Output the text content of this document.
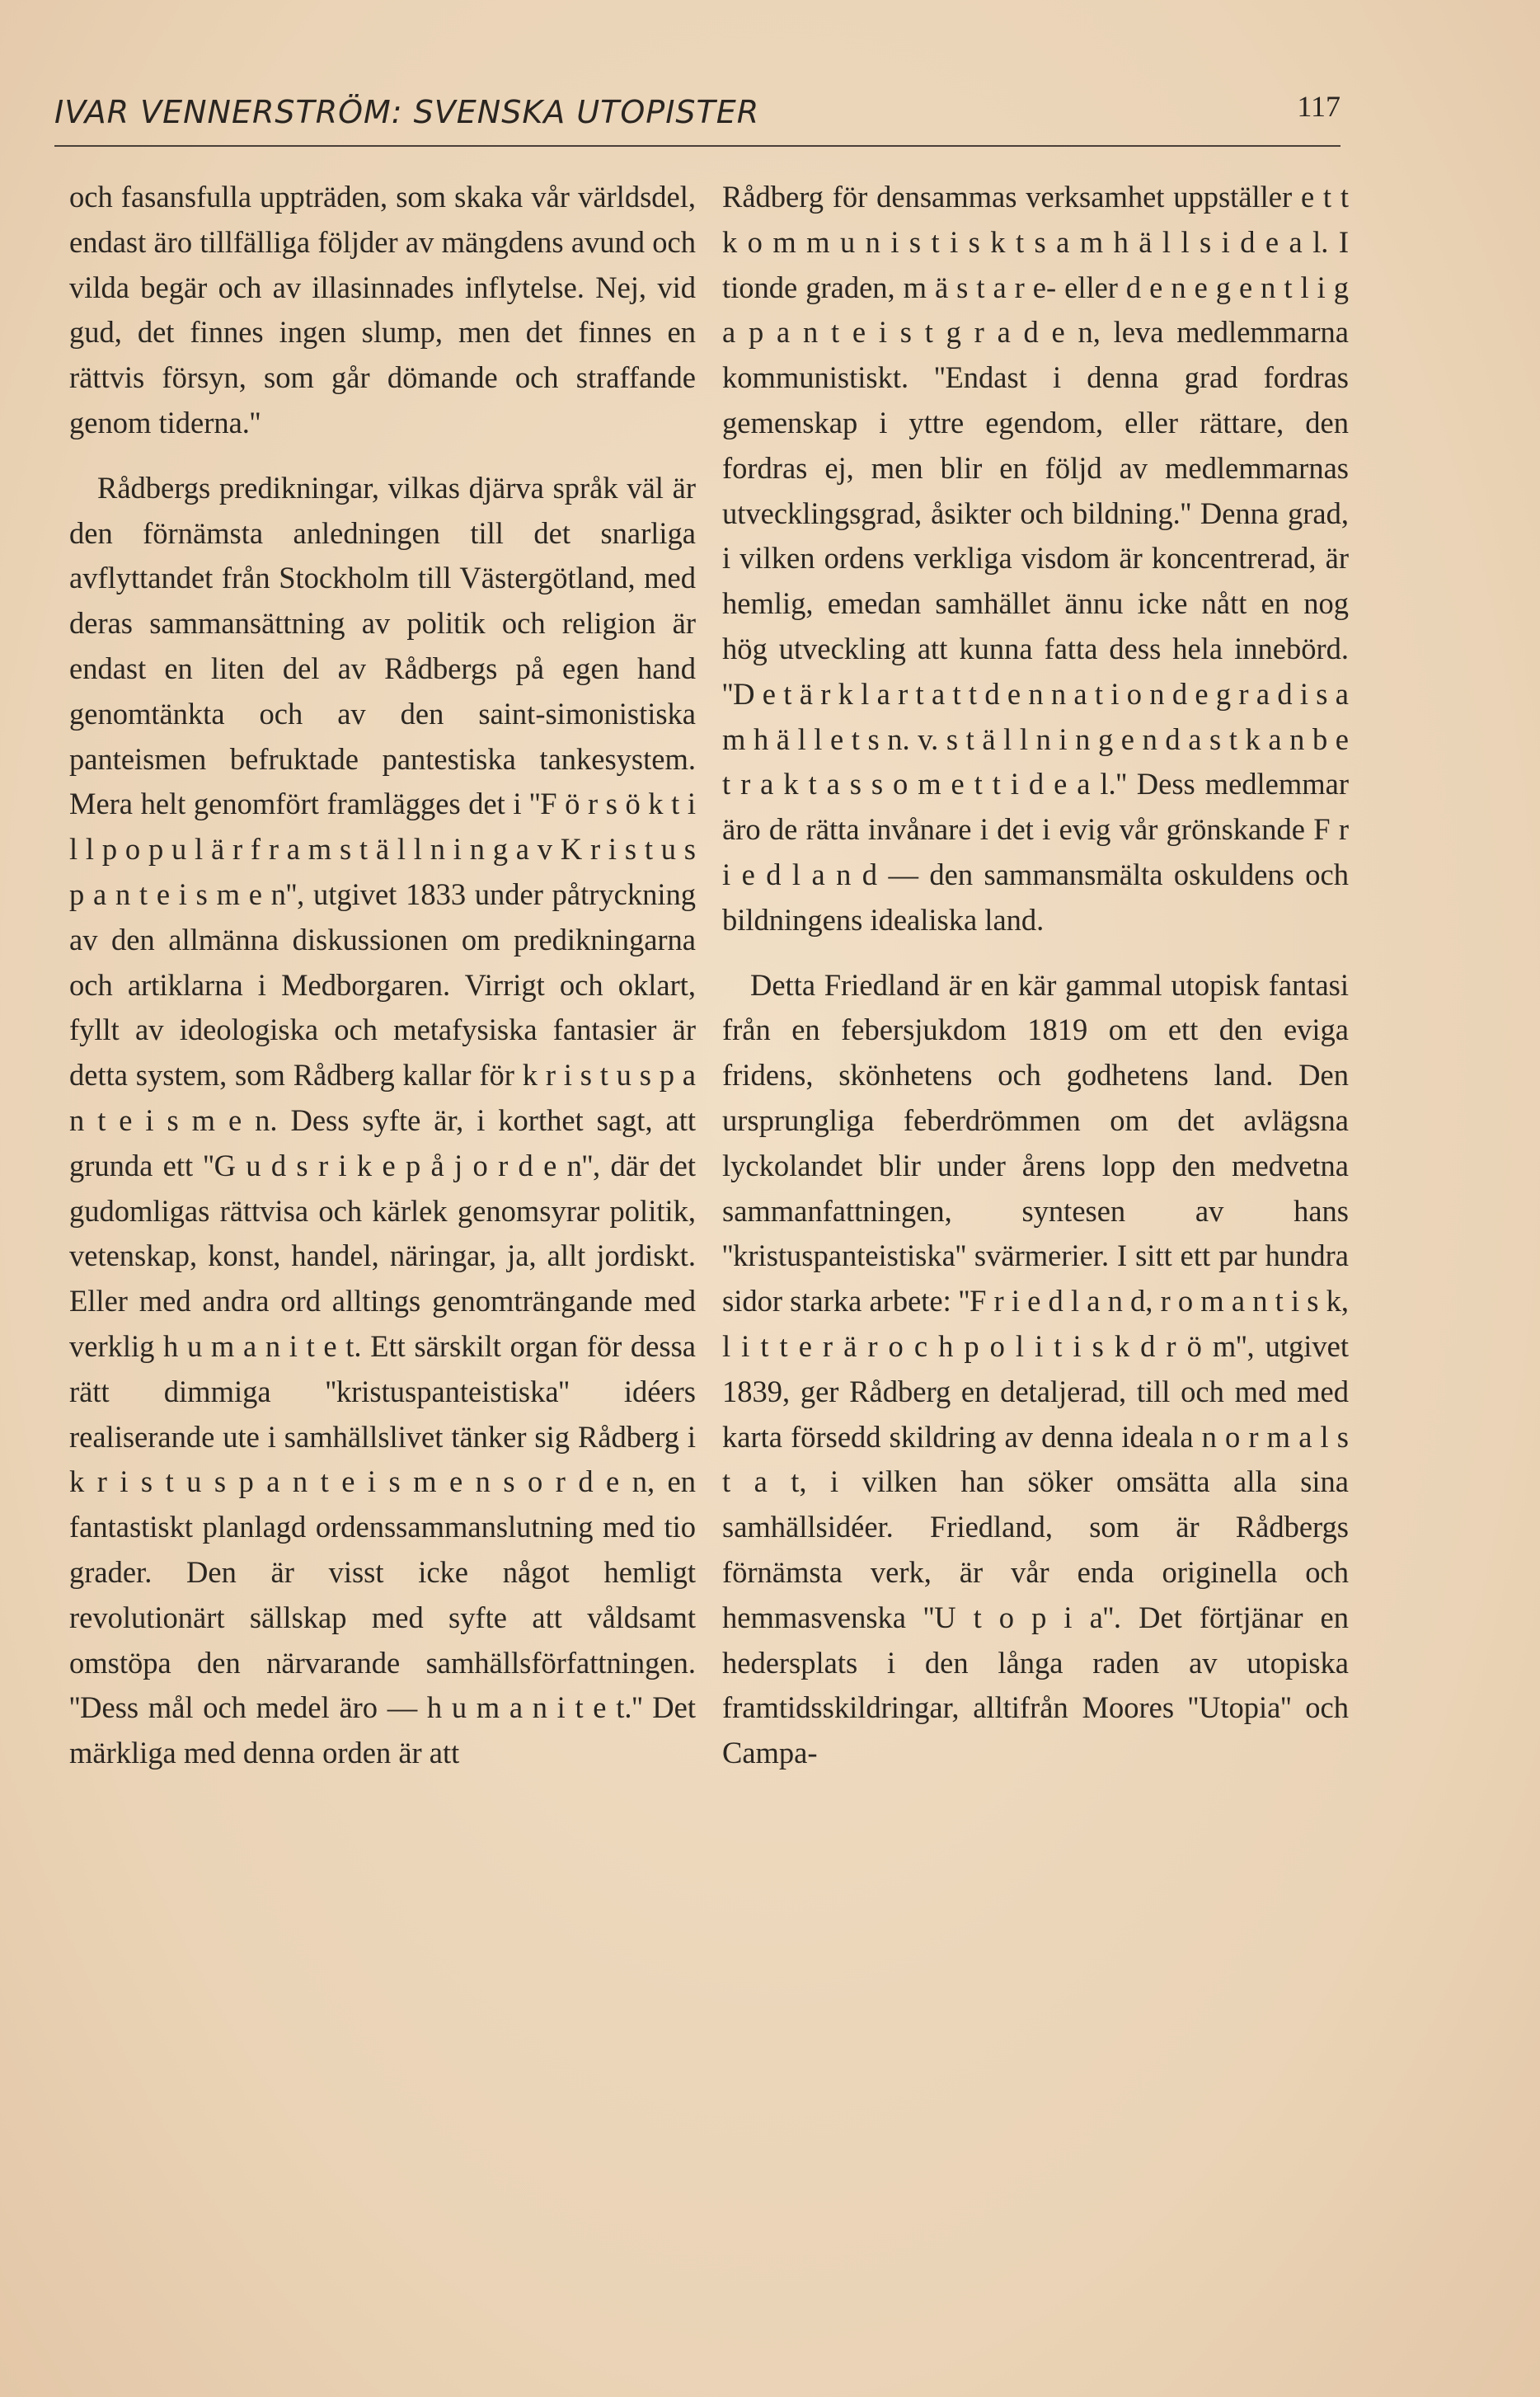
IVAR VENNERSTRÖM: SVENSKA UTOPISTER	117

och fasansfulla uppträden, som skaka vår världsdel, endast äro tillfälliga följder av mängdens avund och vilda begär och av illasinnades inflytelse. Nej, vid gud, det finnes ingen slump, men det finnes en rättvis försyn, som går dömande och straffande genom tiderna.''

Rådbergs predikningar, vilkas djärva språk väl är den förnämsta anledningen till det snarliga avflyttandet från Stockholm till Västergötland, med deras sammansättning av politik och religion är endast en liten del av Rådbergs på egen hand genomtänkta och av den saint-simonistiska panteismen befruktade pantestiska tankesystem. Mera helt genomfört framlägges det i ''F ö r s ö k t i l l p o p u l ä r f r a m s t ä l l n i n g a v K r i s t u s p a n t e i s m e n'', utgivet 1833 under påtryckning av den allmänna diskussionen om predikningarna och artiklarna i Medborgaren. Virrigt och oklart, fyllt av ideologiska och metafysiska fantasier är detta system, som Rådberg kallar för k r i s t u s p a n t e i s m e n. Dess syfte är, i korthet sagt, att grunda ett ''G u d s r i k e p å j o r d e n'', där det gudomligas rättvisa och kärlek genomsyrar politik, vetenskap, konst, handel, näringar, ja, allt jordiskt. Eller med andra ord alltings genomträngande med verklig h u m a n i t e t. Ett särskilt organ för dessa rätt dimmiga ''kristuspanteistiska'' idéers realiserande ute i samhällslivet tänker sig Rådberg i k r i s t u s p a n t e i s m e n s o r d e n, en fantastiskt planlagd ordenssammanslutning med tio grader. Den är visst icke något hemligt revolutionärt sällskap med syfte att våldsamt omstöpa den närvarande samhällsförfattningen. ''Dess mål och medel äro — h u m a n i t e t.'' Det märkliga med denna orden är att

Rådberg för densammas verksamhet uppställer e t t k o m m u n i s t i s k t s a m h ä l l s i d e a l. I tionde graden, m ä s t a r e- eller d e n e g e n t l i g a p a n t e i s t g r a d e n, leva medlemmarna kommunistiskt. ''Endast i denna grad fordras gemenskap i yttre egendom, eller rättare, den fordras ej, men blir en följd av medlemmarnas utvecklingsgrad, åsikter och bildning.'' Denna grad, i vilken ordens verkliga visdom är koncentrerad, är hemlig, emedan samhället ännu icke nått en nog hög utveckling att kunna fatta dess hela innebörd. ''D e t ä r k l a r t a t t d e n n a t i o n d e g r a d i s a m h ä l l e t s n. v. s t ä l l n i n g e n d a s t k a n b e t r a k t a s s o m e t t i d e a l.'' Dess medlemmar äro de rätta invånare i det i evig vår grönskande F r i e d l a n d — den sammansmälta oskuldens och bildningens idealiska land.

Detta Friedland är en kär gammal utopisk fantasi från en febersjukdom 1819 om ett den eviga fridens, skönhetens och godhetens land. Den ursprungliga feberdrömmen om det avlägsna lyckolandet blir under årens lopp den medvetna sammanfattningen, syntesen av hans ''kristuspanteistiska'' svärmerier. I sitt ett par hundra sidor starka arbete: ''F r i e d l a n d, r o m a n t i s k, l i t t e r ä r o c h p o l i t i s k d r ö m'', utgivet 1839, ger Rådberg en detaljerad, till och med med karta försedd skildring av denna ideala n o r m a l s t a t, i vilken han söker omsätta alla sina samhällsidéer. Friedland, som är Rådbergs förnämsta verk, är vår enda originella och hemmasvenska ''U t o p i a''. Det förtjänar en hedersplats i den långa raden av utopiska framtidsskildringar, alltifrån Moores ''Utopia'' och Campa-
